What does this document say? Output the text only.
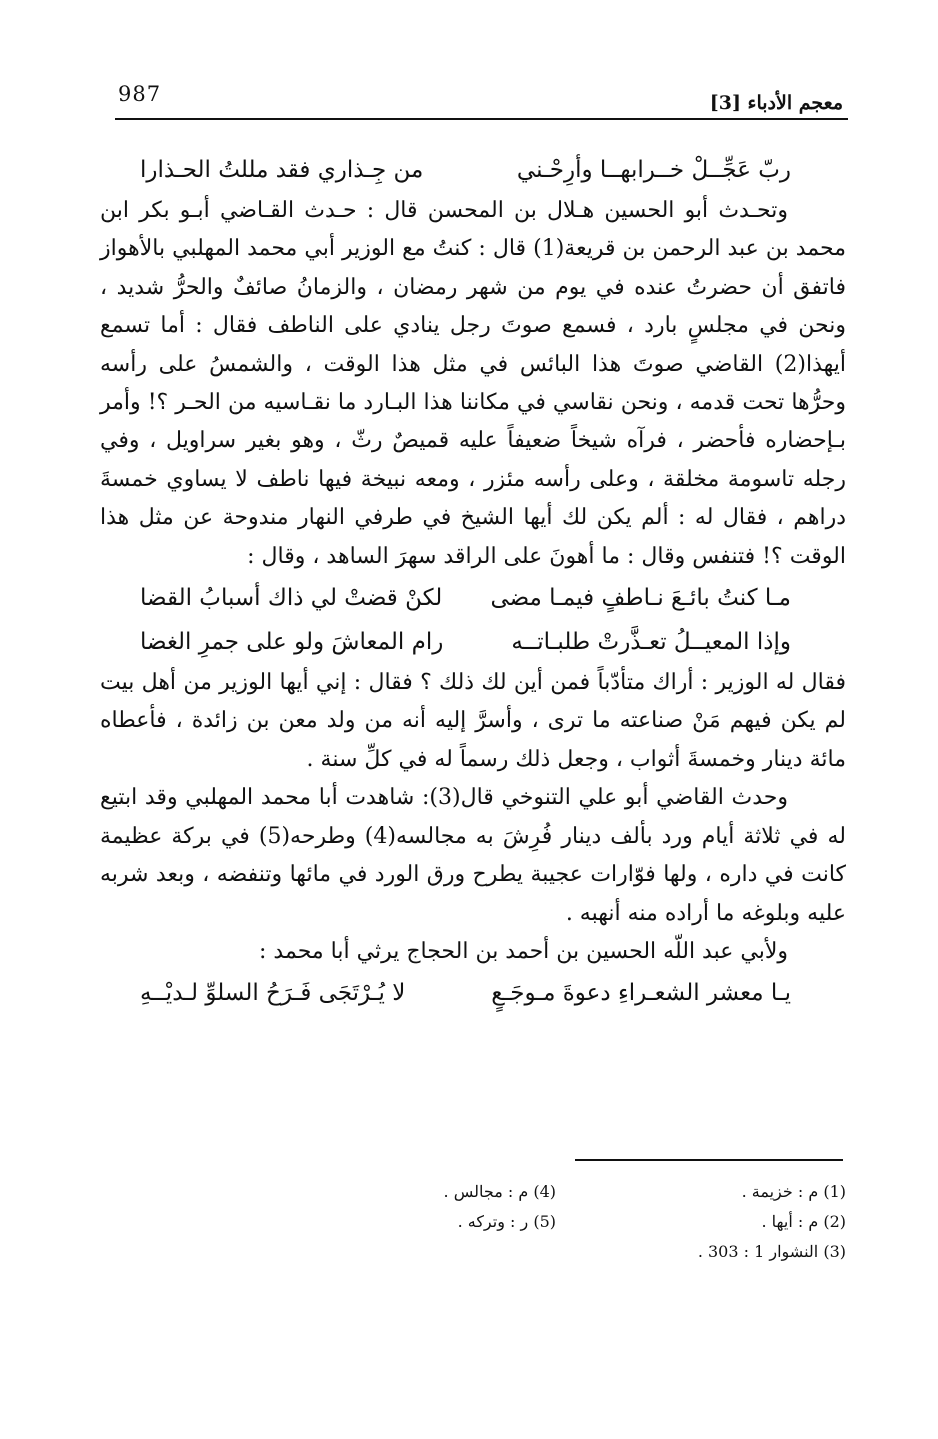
987	معجم الأدباء [3]
ربّ عَجِّــلْ خــرابهــا وأرِحْـني
من جِـذاري فقد مللتُ الحـذارا

وتحـدث أبو الحسين هـلال بن المحسن قال : حـدث القـاضي أبـو بكر ابن محمد بن عبد الرحمن بن قريعة(1) قال : كنتُ مع الوزير أبي محمد المهلبي بالأهواز فاتفق أن حضرتُ عنده في يوم من شهر رمضان ، والزمانُ صائفٌ والحرُّ شديد ، ونحن في مجلسٍ بارد ، فسمع صوتَ رجل ينادي على الناطف فقال : أما تسمع أيهذا(2) القاضي صوتَ هذا البائس في مثل هذا الوقت ، والشمسُ على رأسه وحرُّها تحت قدمه ، ونحن نقاسي في مكاننا هذا البـارد ما نقـاسيه من الحـر ؟! وأمر بـإحضاره فأحضر ، فرآه شيخاً ضعيفاً عليه قميصٌ رثّ ، وهو بغير سراويل ، وفي رجله تاسومة مخلقة ، وعلى رأسه مئزر ، ومعه نبيخة فيها ناطف لا يساوي خمسةَ دراهم ، فقال له : ألم يكن لك أيها الشيخ في طرفي النهار مندوحة عن مثل هذا الوقت ؟! فتنفس وقال : ما أهونَ على الراقد سهرَ الساهد ، وقال :

مـا كنتُ بائـعَ نـاطفٍ فيمـا مضى
لكنْ قضتْ لي ذاك أسبابُ القضا
وإذا المعيــلُ تعـذَّرتْ طلبـاتــه
رام المعاشَ ولو على جمرِ الغضا

فقال له الوزير : أراك متأدّباً فمن أين لك ذلك ؟ فقال : إني أيها الوزير من أهل بيت لم يكن فيهم مَنْ صناعته ما ترى ، وأسرَّ إليه أنه من ولد معن بن زائدة ، فأعطاه مائة دينار وخمسةَ أثواب ، وجعل ذلك رسماً له في كلِّ سنة .

وحدث القاضي أبو علي التنوخي قال(3): شاهدت أبا محمد المهلبي وقد ابتيع له في ثلاثة أيام ورد بألف دينار فُرِشَ به مجالسه(4) وطرحه(5) في بركة عظيمة كانت في داره ، ولها فوّارات عجيبة يطرح ورق الورد في مائها وتنفضه ، وبعد شربه عليه وبلوغه ما أراده منه أنهبه .

ولأبي عبد اللّه الحسين بن أحمد بن الحجاج يرثي أبا محمد :

يـا معشر الشعـراءِ دعوةَ مـوجَـعٍ
لا يُـرْتَجَى فَـرَحُ السلوِّ لـديْــهِ
(1) م : خزيمة .
(2) م : أيها .
(3) النشوار 1 : 303 .
(4) م : مجالس .
(5) ر : وتركه .
